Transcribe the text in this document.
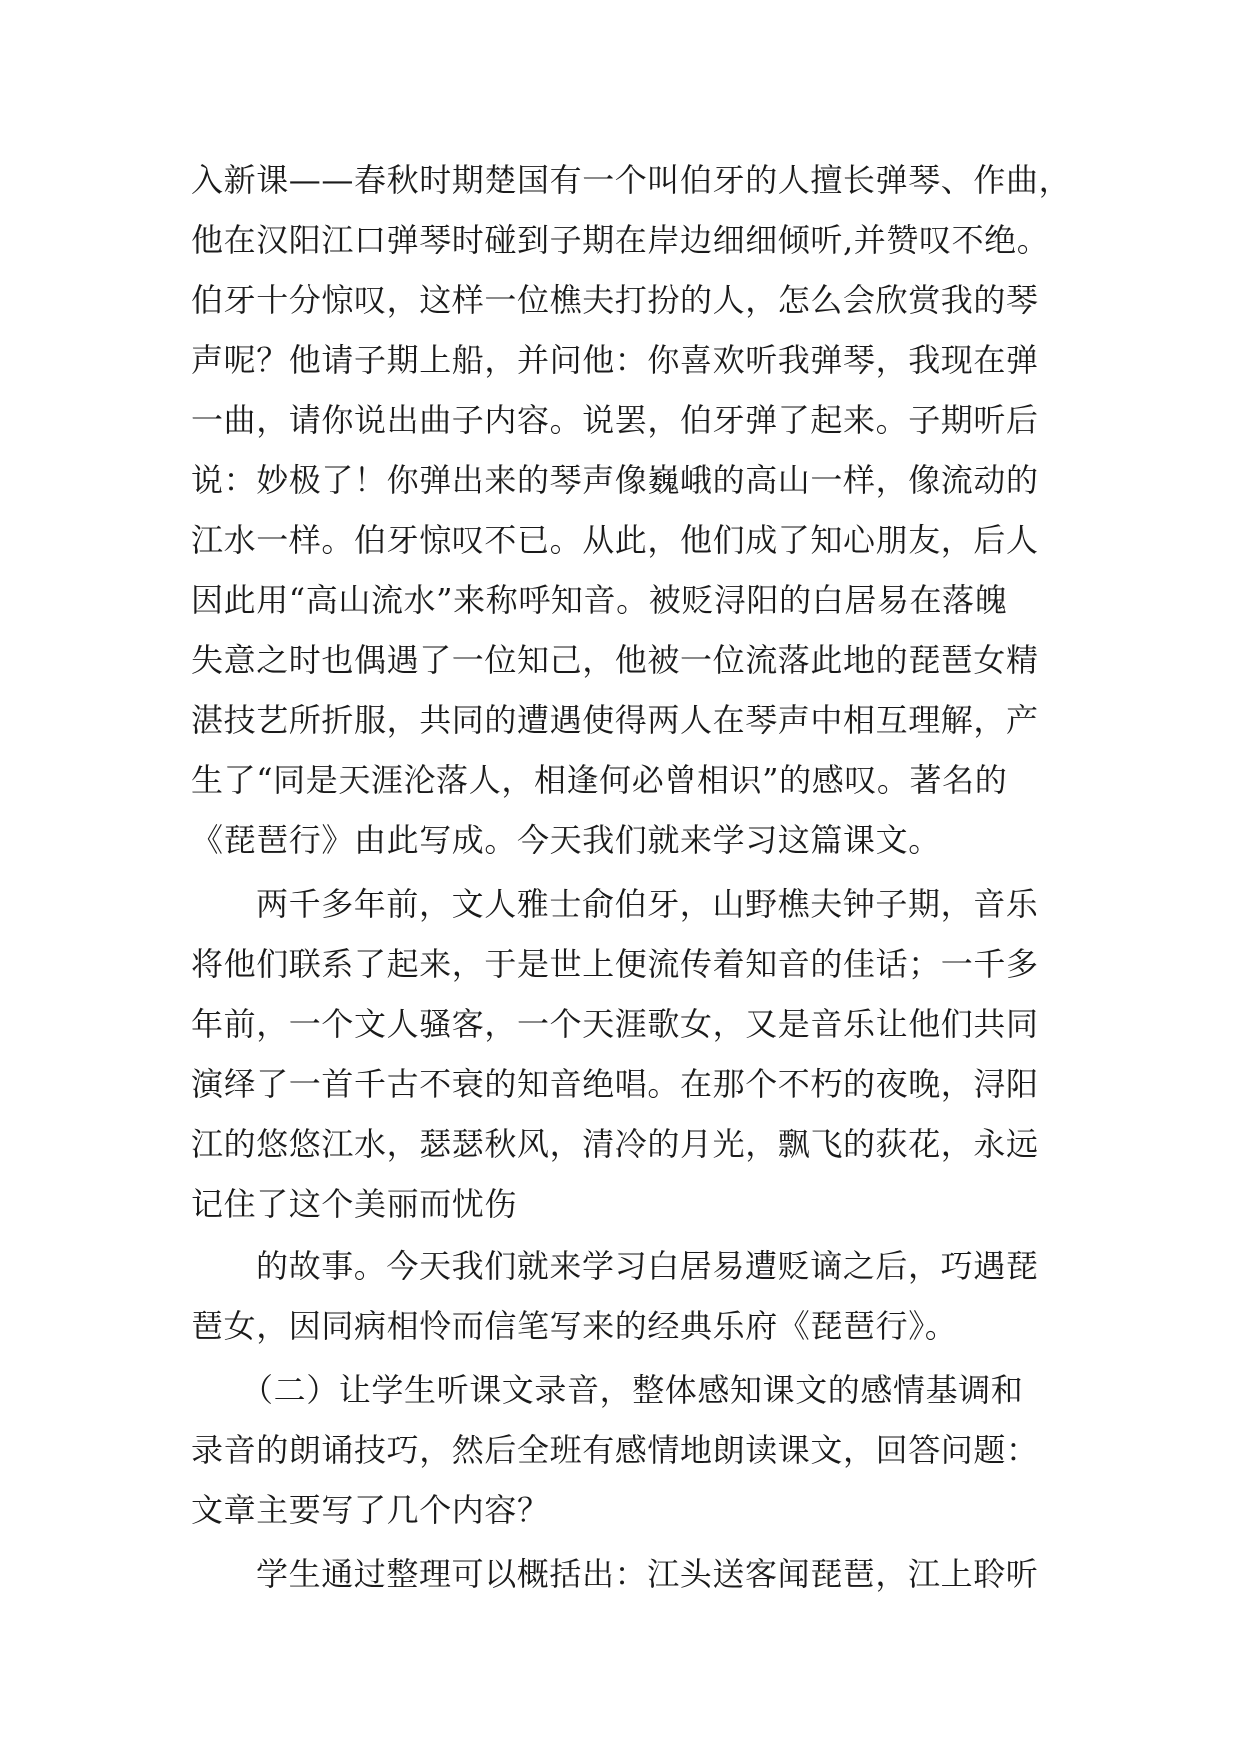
入新课——春秋时期楚国有一个叫伯牙的人擅长弹琴、作曲，
他在汉阳江口弹琴时碰到子期在岸边细细倾听,并赞叹不绝。
伯牙十分惊叹，这样一位樵夫打扮的人，怎么会欣赏我的琴
声呢？他请子期上船，并问他：你喜欢听我弹琴，我现在弹
一曲，请你说出曲子内容。说罢，伯牙弹了起来。子期听后
说：妙极了！你弹出来的琴声像巍峨的高山一样，像流动的
江水一样。伯牙惊叹不已。从此，他们成了知心朋友，后人
因此用“高山流水”来称呼知音。被贬浔阳的白居易在落魄
失意之时也偶遇了一位知己，他被一位流落此地的琵琶女精
湛技艺所折服，共同的遭遇使得两人在琴声中相互理解，产
生了“同是天涯沦落人，相逢何必曾相识”的感叹。著名的
《琵琶行》由此写成。今天我们就来学习这篇课文。
两千多年前，文人雅士俞伯牙，山野樵夫钟子期，音乐
将他们联系了起来，于是世上便流传着知音的佳话；一千多
年前，一个文人骚客，一个天涯歌女，又是音乐让他们共同
演绎了一首千古不衰的知音绝唱。在那个不朽的夜晚，浔阳
江的悠悠江水，瑟瑟秋风，清冷的月光，飘飞的荻花，永远
记住了这个美丽而忧伤
的故事。今天我们就来学习白居易遭贬谪之后，巧遇琵
琶女，因同病相怜而信笔写来的经典乐府《琵琶行》。
（二）让学生听课文录音，整体感知课文的感情基调和
录音的朗诵技巧，然后全班有感情地朗读课文，回答问题：
文章主要写了几个内容？
学生通过整理可以概括出：江头送客闻琵琶，江上聆听
